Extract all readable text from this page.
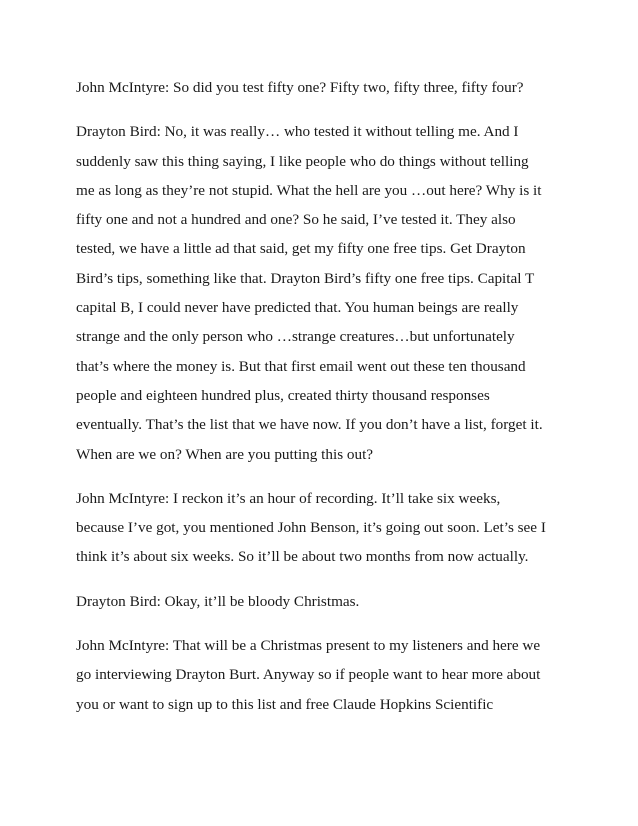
John McIntyre: So did you test fifty one? Fifty two, fifty three, fifty four?

Drayton Bird: No, it was really… who tested it without telling me. And I
suddenly saw this thing saying, I like people who do things without telling
me as long as they’re not stupid. What the hell are you …out here? Why is it
fifty one and not a hundred and one? So he said, I’ve tested it. They also
tested, we have a little ad that said, get my fifty one free tips. Get Drayton
Bird’s tips, something like that. Drayton Bird’s fifty one free tips. Capital T
capital B, I could never have predicted that. You human beings are really
strange and the only person who …strange creatures…but unfortunately
that’s where the money is. But that first email went out these ten thousand
people and eighteen hundred plus, created thirty thousand responses
eventually. That’s the list that we have now. If you don’t have a list, forget it.
When are we on? When are you putting this out?

John McIntyre: I reckon it’s an hour of recording. It’ll take six weeks,
because I’ve got, you mentioned John Benson, it’s going out soon. Let’s see I
think it’s about six weeks. So it’ll be about two months from now actually.

Drayton Bird: Okay, it’ll be bloody Christmas.

John McIntyre: That will be a Christmas present to my listeners and here we
go interviewing Drayton Burt. Anyway so if people want to hear more about
you or want to sign up to this list and free Claude Hopkins Scientific
